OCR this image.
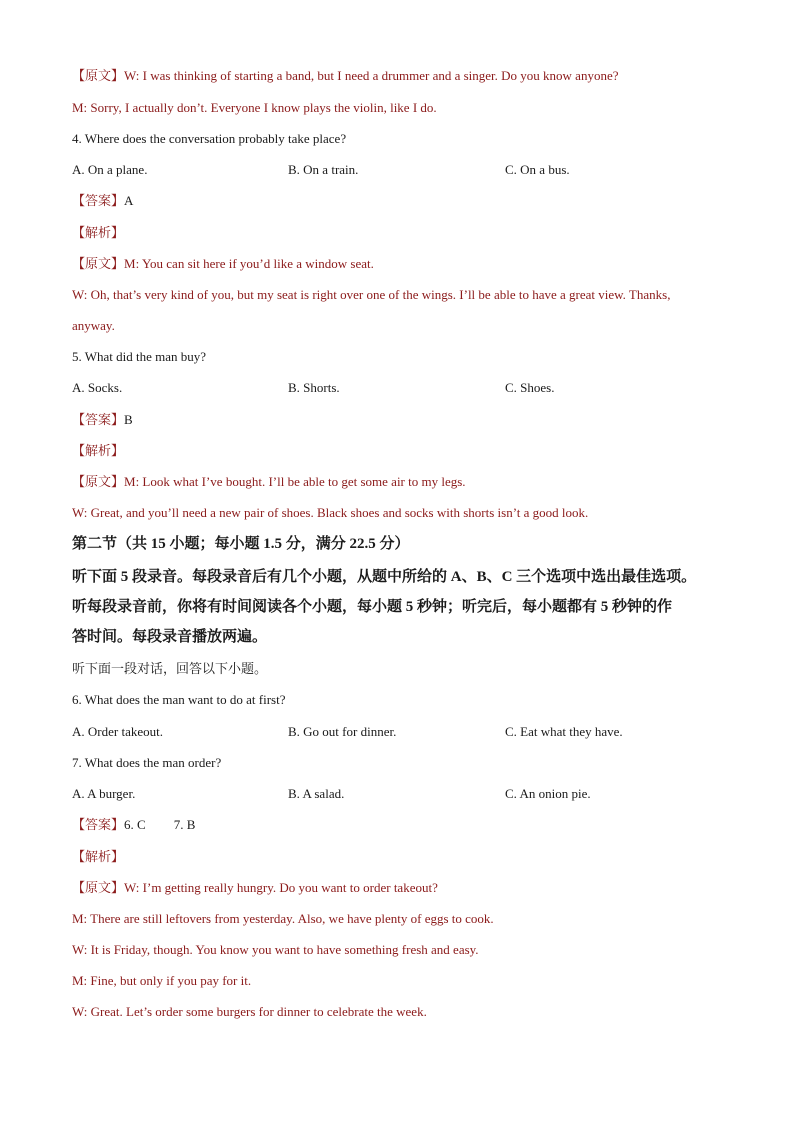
【原文】W: I was thinking of starting a band, but I need a drummer and a singer. Do you know anyone?
M: Sorry, I actually don’t. Everyone I know plays the violin, like I do.
4. Where does the conversation probably take place?
A. On a plane.	B. On a train.	C. On a bus.
【答案】A
【解析】
【原文】M: You can sit here if you’d like a window seat.
W: Oh, that’s very kind of you, but my seat is right over one of the wings. I’ll be able to have a great view. Thanks,
anyway.
5. What did the man buy?
A. Socks.	B. Shorts.	C. Shoes.
【答案】B
【解析】
【原文】M: Look what I’ve bought. I’ll be able to get some air to my legs.
W: Great, and you’ll need a new pair of shoes. Black shoes and socks with shorts isn’t a good look.
第二节（共 15 小题；每小题 1.5 分，满分 22.5 分）
听下面 5 段录音。每段录音后有几个小题，从题中所给的 A、B、C 三个选项中选出最佳选项。
听每段录音前，你将有时间阅读各个小题，每小题 5 秒钟；听完后，每小题都有 5 秒钟的作
答时间。每段录音播放两遍。
听下面一段对话，回答以下小题。
6. What does the man want to do at first?
A. Order takeout.	B. Go out for dinner.	C. Eat what they have.
7. What does the man order?
A. A burger.	B. A salad.	C. An onion pie.
【答案】6. C 7. B
【解析】
【原文】W: I’m getting really hungry. Do you want to order takeout?
M: There are still leftovers from yesterday. Also, we have plenty of eggs to cook.
W: It is Friday, though. You know you want to have something fresh and easy.
M: Fine, but only if you pay for it.
W: Great. Let’s order some burgers for dinner to celebrate the week.
